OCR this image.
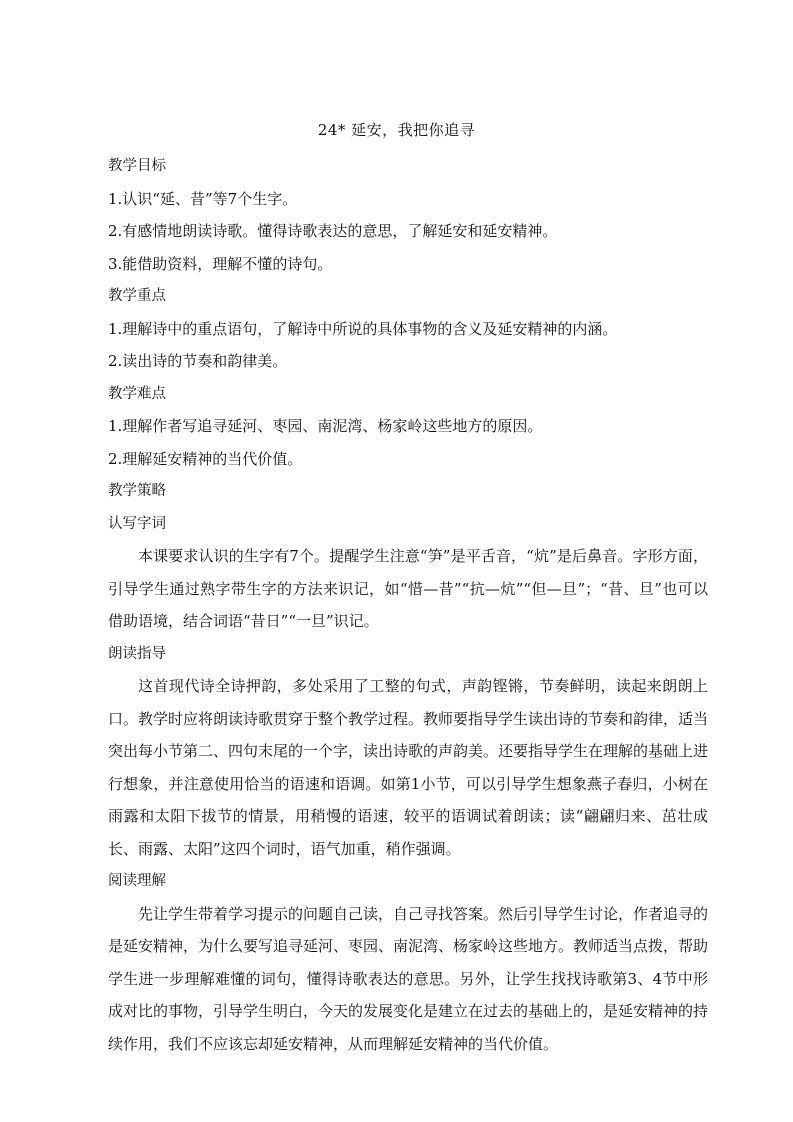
24* 延安，我把你追寻
教学目标
1.认识“延、昔”等7个生字。
2.有感情地朗读诗歌。懂得诗歌表达的意思，了解延安和延安精神。
3.能借助资料，理解不懂的诗句。
教学重点
1.理解诗中的重点语句，了解诗中所说的具体事物的含义及延安精神的内涵。
2.读出诗的节奏和韵律美。
教学难点
1.理解作者写追寻延河、枣园、南泥湾、杨家岭这些地方的原因。
2.理解延安精神的当代价值。
教学策略
认写字词
本课要求认识的生字有7个。提醒学生注意“笋”是平舌音，“炕”是后鼻音。字形方面，引导学生通过熟字带生字的方法来识记，如“惜—昔”“抗—炕”“但—旦”；“昔、旦”也可以借助语境，结合词语“昔日”“一旦”识记。
朗读指导
这首现代诗全诗押韵，多处采用了工整的句式，声韵铿锵，节奏鲜明，读起来朗朗上口。教学时应将朗读诗歌贯穿于整个教学过程。教师要指导学生读出诗的节奏和韵律，适当突出每小节第二、四句末尾的一个字，读出诗歌的声韵美。还要指导学生在理解的基础上进行想象，并注意使用恰当的语速和语调。如第1小节，可以引导学生想象燕子春归，小树在雨露和太阳下拔节的情景，用稍慢的语速，较平的语调试着朗读；读“翩翩归来、茁壮成长、雨露、太阳”这四个词时，语气加重，稍作强调。
阅读理解
先让学生带着学习提示的问题自己读，自己寻找答案。然后引导学生讨论，作者追寻的是延安精神，为什么要写追寻延河、枣园、南泥湾、杨家岭这些地方。教师适当点拨，帮助学生进一步理解难懂的词句，懂得诗歌表达的意思。另外，让学生找找诗歌第3、4节中形成对比的事物，引导学生明白，今天的发展变化是建立在过去的基础上的，是延安精神的持续作用，我们不应该忘却延安精神，从而理解延安精神的当代价值。
